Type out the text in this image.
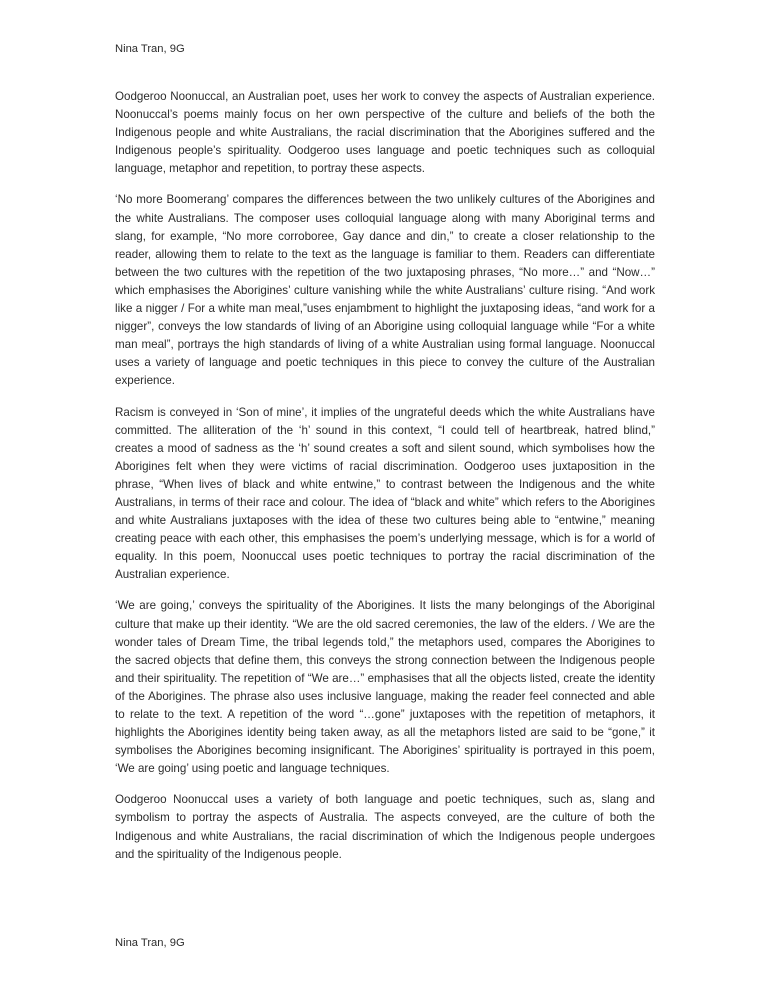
Nina Tran, 9G

Oodgeroo Noonuccal, an Australian poet, uses her work to convey the aspects of Australian experience. Noonuccal’s poems mainly focus on her own perspective of the culture and beliefs of the both the Indigenous people and white Australians, the racial discrimination that the Aborigines suffered and the Indigenous people’s spirituality. Oodgeroo uses language and poetic techniques such as colloquial language, metaphor and repetition, to portray these aspects.

‘No more Boomerang’ compares the differences between the two unlikely cultures of the Aborigines and the white Australians. The composer uses colloquial language along with many Aboriginal terms and slang, for example, “No more corroboree, Gay dance and din,” to create a closer relationship to the reader, allowing them to relate to the text as the language is familiar to them. Readers can differentiate between the two cultures with the repetition of the two juxtaposing phrases, “No more…” and “Now…” which emphasises the Aborigines’ culture vanishing while the white Australians’ culture rising. “And work like a nigger / For a white man meal,”uses enjambment to highlight the juxtaposing ideas, “and work for a nigger”, conveys the low standards of living of an Aborigine using colloquial language while “For a white man meal”, portrays the high standards of living of a white Australian using formal language. Noonuccal uses a variety of language and poetic techniques in this piece to convey the culture of the Australian experience.

Racism is conveyed in ‘Son of mine’, it implies of the ungrateful deeds which the white Australians have committed. The alliteration of the ‘h’ sound in this context, “I could tell of heartbreak, hatred blind,” creates a mood of sadness as the ‘h’ sound creates a soft and silent sound, which symbolises how the Aborigines felt when they were victims of racial discrimination. Oodgeroo uses juxtaposition in the phrase, “When lives of black and white entwine,” to contrast between the Indigenous and the white Australians, in terms of their race and colour. The idea of “black and white” which refers to the Aborigines and white Australians juxtaposes with the idea of these two cultures being able to “entwine,” meaning creating peace with each other, this emphasises the poem’s underlying message, which is for a world of equality. In this poem, Noonuccal uses poetic techniques to portray the racial discrimination of the Australian experience.

‘We are going,’ conveys the spirituality of the Aborigines. It lists the many belongings of the Aboriginal culture that make up their identity. “We are the old sacred ceremonies, the law of the elders. / We are the wonder tales of Dream Time, the tribal legends told,” the metaphors used, compares the Aborigines to the sacred objects that define them, this conveys the strong connection between the Indigenous people and their spirituality. The repetition of “We are…” emphasises that all the objects listed, create the identity of the Aborigines. The phrase also uses inclusive language, making the reader feel connected and able to relate to the text. A repetition of the word “…gone” juxtaposes with the repetition of metaphors, it highlights the Aborigines identity being taken away, as all the metaphors listed are said to be “gone,” it symbolises the Aborigines becoming insignificant. The Aborigines’ spirituality is portrayed in this poem, ‘We are going’ using poetic and language techniques.

Oodgeroo Noonuccal uses a variety of both language and poetic techniques, such as, slang and symbolism to portray the aspects of Australia. The aspects conveyed, are the culture of both the Indigenous and white Australians, the racial discrimination of which the Indigenous people undergoes and the spirituality of the Indigenous people.

Nina Tran, 9G
